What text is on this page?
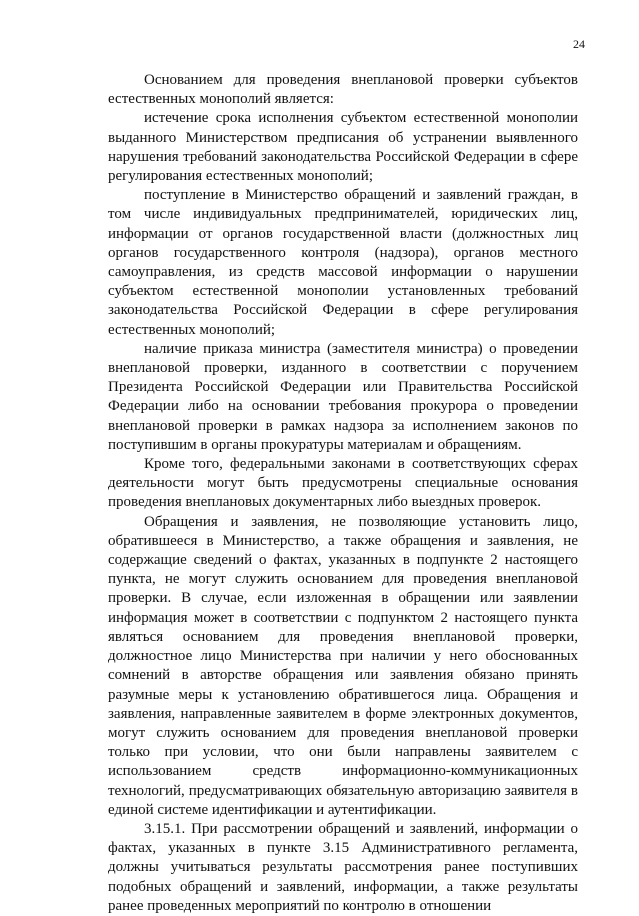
24

Основанием для проведения внеплановой проверки субъектов естественных монополий является:

истечение срока исполнения субъектом естественной монополии выданного Министерством предписания об устранении выявленного нарушения требований законодательства Российской Федерации в сфере регулирования естественных монополий;

поступление в Министерство обращений и заявлений граждан, в том числе индивидуальных предпринимателей, юридических лиц, информации от органов государственной власти (должностных лиц органов государственного контроля (надзора), органов местного самоуправления, из средств массовой информации о нарушении субъектом естественной монополии установленных требований законодательства Российской Федерации в сфере регулирования естественных монополий;

наличие приказа министра (заместителя министра) о проведении внеплановой проверки, изданного в соответствии с поручением Президента Российской Федерации или Правительства Российской Федерации либо на основании требования прокурора о проведении внеплановой проверки в рамках надзора за исполнением законов по поступившим в органы прокуратуры материалам и обращениям.

Кроме того, федеральными законами в соответствующих сферах деятельности могут быть предусмотрены специальные основания проведения внеплановых документарных либо выездных проверок.

Обращения и заявления, не позволяющие установить лицо, обратившееся в Министерство, а также обращения и заявления, не содержащие сведений о фактах, указанных в подпункте 2 настоящего пункта, не могут служить основанием для проведения внеплановой проверки. В случае, если изложенная в обращении или заявлении информация может в соответствии с подпунктом 2 настоящего пункта являться основанием для проведения внеплановой проверки, должностное лицо Министерства при наличии у него обоснованных сомнений в авторстве обращения или заявления обязано принять разумные меры к установлению обратившегося лица. Обращения и заявления, направленные заявителем в форме электронных документов, могут служить основанием для проведения внеплановой проверки только при условии, что они были направлены заявителем с использованием средств информационно-коммуникационных технологий, предусматривающих обязательную авторизацию заявителя в единой системе идентификации и аутентификации.

3.15.1. При рассмотрении обращений и заявлений, информации о фактах, указанных в пункте 3.15 Административного регламента, должны учитываться результаты рассмотрения ранее поступивших подобных обращений и заявлений, информации, а также результаты ранее проведенных мероприятий по контролю в отношении
